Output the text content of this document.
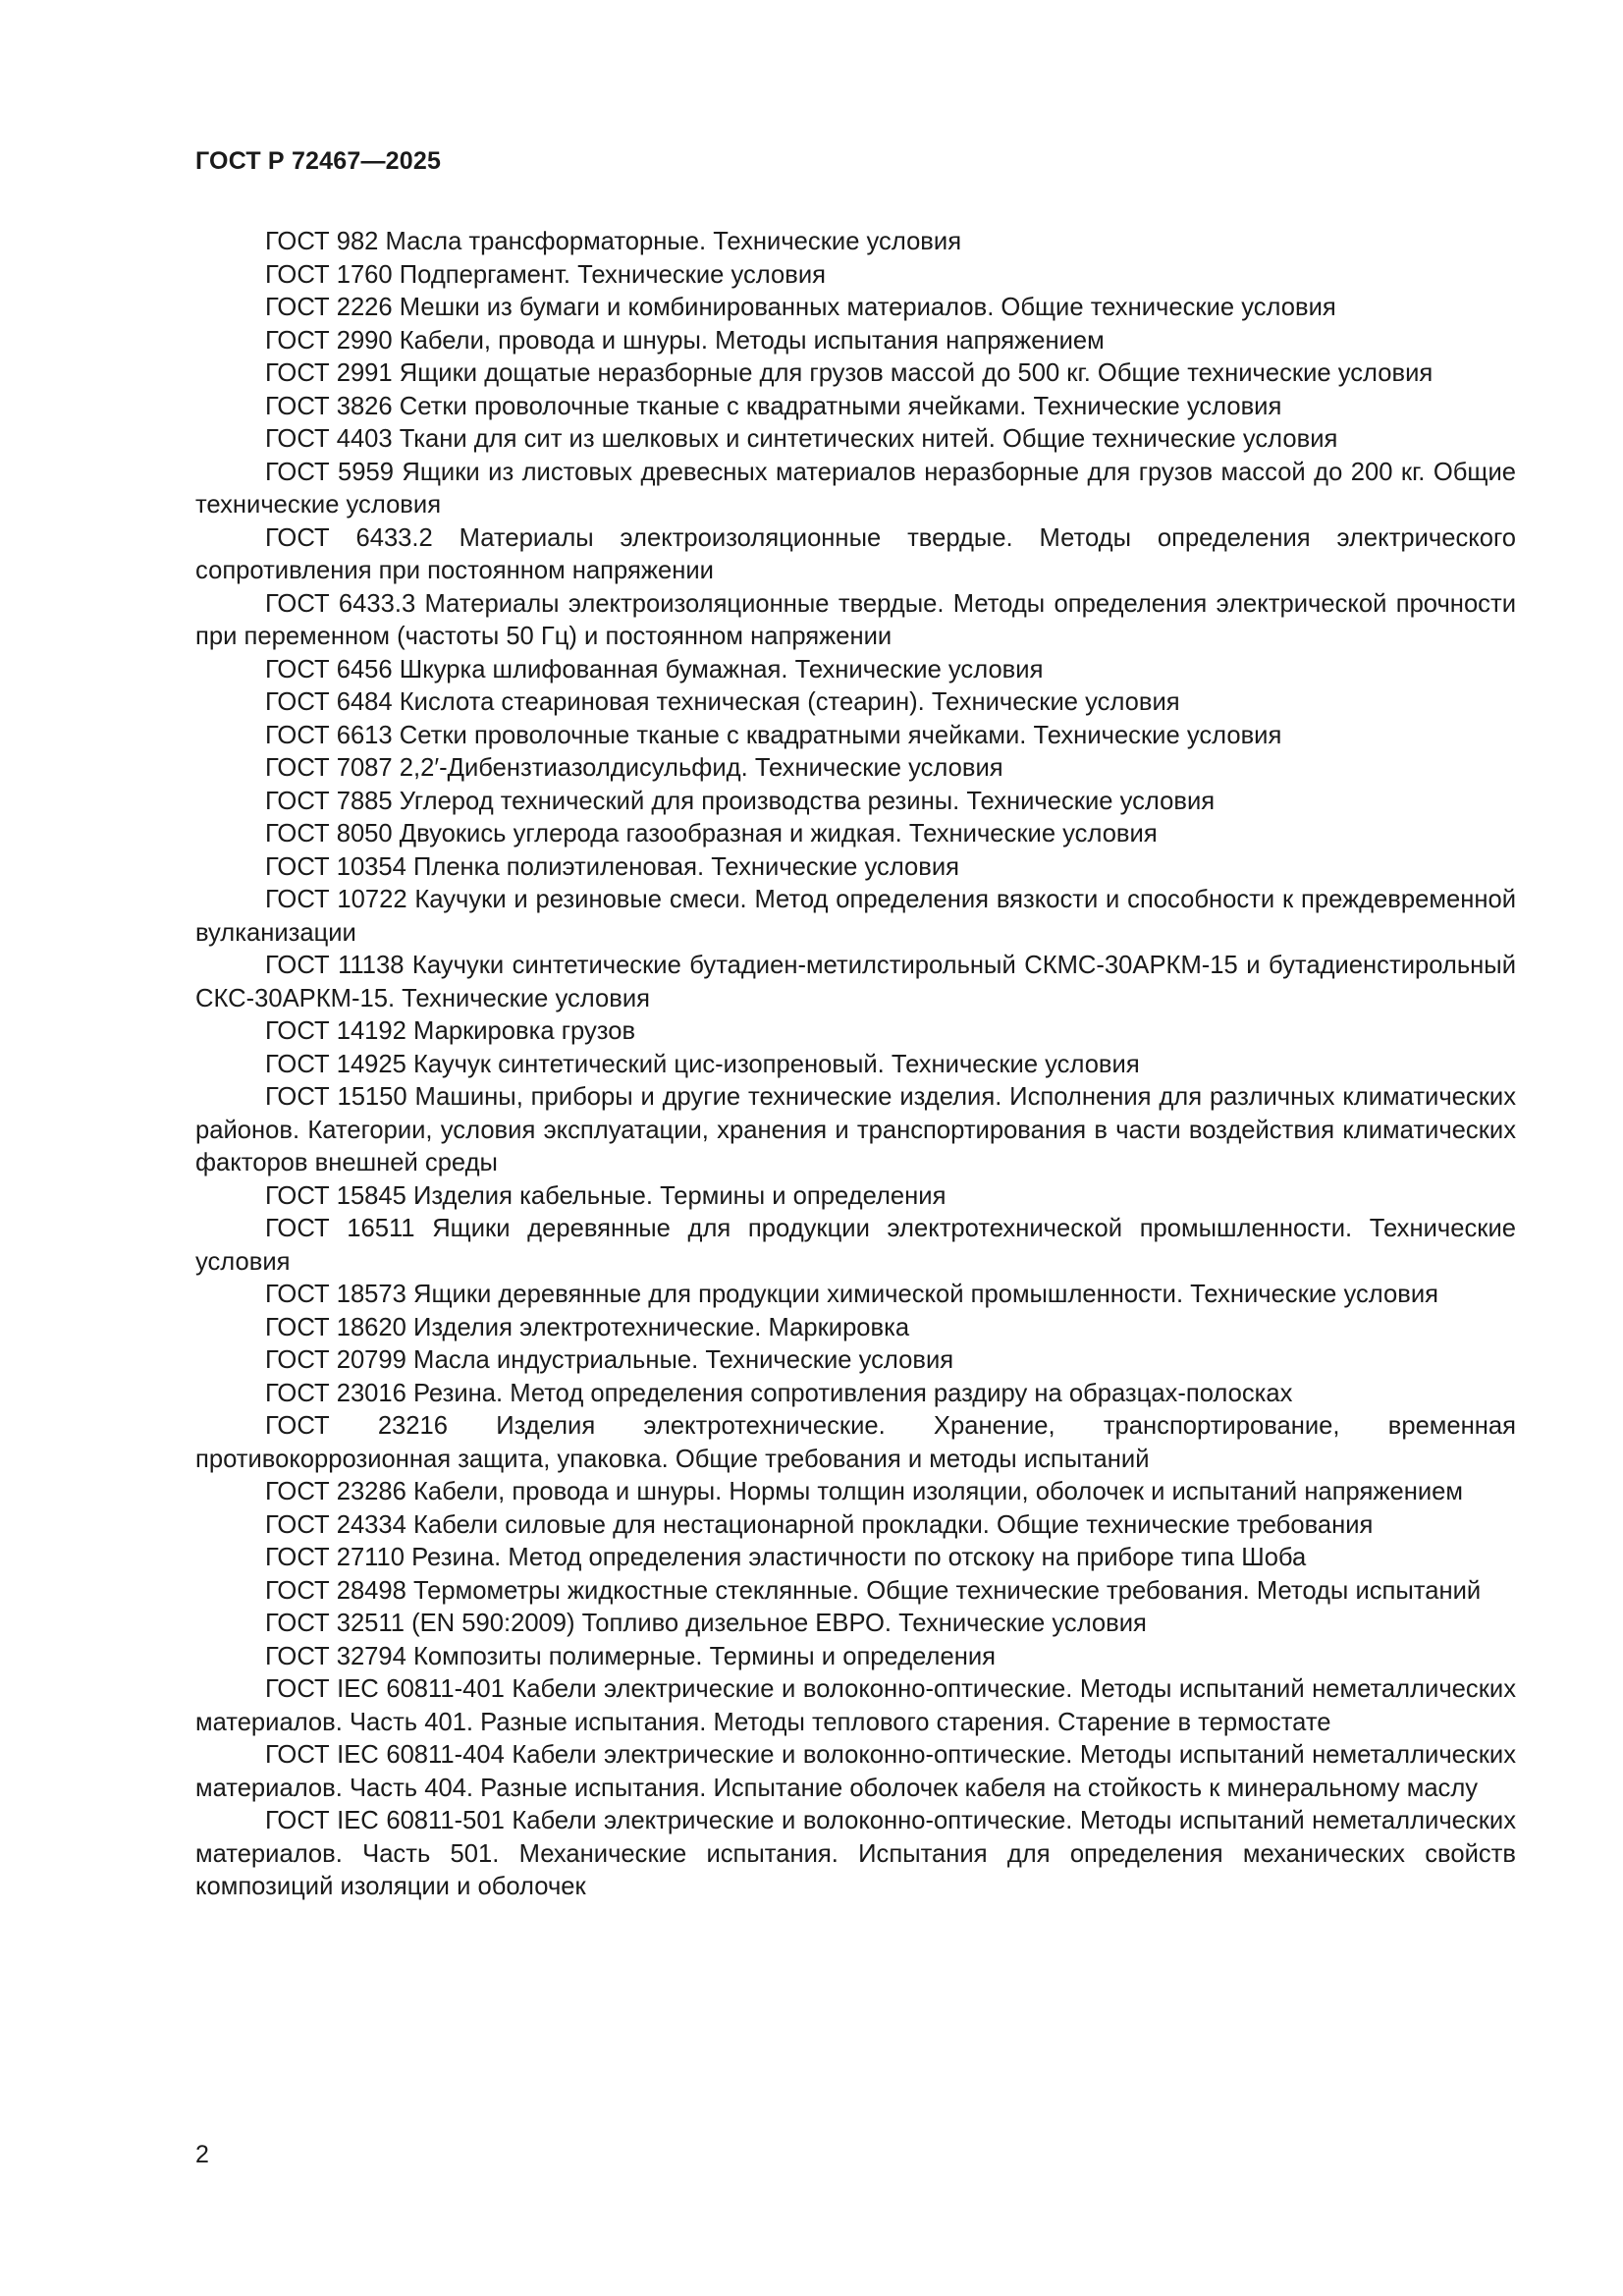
ГОСТ Р 72467—2025

ГОСТ 982 Масла трансформаторные. Технические условия

ГОСТ 1760 Подпергамент. Технические условия

ГОСТ 2226 Мешки из бумаги и комбинированных материалов. Общие технические условия

ГОСТ 2990 Кабели, провода и шнуры. Методы испытания напряжением

ГОСТ 2991 Ящики дощатые неразборные для грузов массой до 500 кг. Общие технические условия

ГОСТ 3826 Сетки проволочные тканые с квадратными ячейками. Технические условия

ГОСТ 4403 Ткани для сит из шелковых и синтетических нитей. Общие технические условия

ГОСТ 5959 Ящики из листовых древесных материалов неразборные для грузов массой до 200 кг. Общие технические условия

ГОСТ 6433.2 Материалы электроизоляционные твердые. Методы определения электрического сопротивления при постоянном напряжении

ГОСТ 6433.3 Материалы электроизоляционные твердые. Методы определения электрической прочности при переменном (частоты 50 Гц) и постоянном напряжении

ГОСТ 6456 Шкурка шлифованная бумажная. Технические условия

ГОСТ 6484 Кислота стеариновая техническая (стеарин). Технические условия

ГОСТ 6613 Сетки проволочные тканые с квадратными ячейками. Технические условия

ГОСТ 7087 2,2′-Дибензтиазолдисульфид. Технические условия

ГОСТ 7885 Углерод технический для производства резины. Технические условия

ГОСТ 8050 Двуокись углерода газообразная и жидкая. Технические условия

ГОСТ 10354 Пленка полиэтиленовая. Технические условия

ГОСТ 10722 Каучуки и резиновые смеси. Метод определения вязкости и способности к преждевременной вулканизации

ГОСТ 11138 Каучуки синтетические бутадиен-метилстирольный СКМС-30АРКМ-15 и бутадиенстирольный СКС-30АРКМ-15. Технические условия

ГОСТ 14192 Маркировка грузов

ГОСТ 14925 Каучук синтетический цис-изопреновый. Технические условия

ГОСТ 15150 Машины, приборы и другие технические изделия. Исполнения для различных климатических районов. Категории, условия эксплуатации, хранения и транспортирования в части воздействия климатических факторов внешней среды

ГОСТ 15845 Изделия кабельные. Термины и определения

ГОСТ 16511 Ящики деревянные для продукции электротехнической промышленности. Технические условия

ГОСТ 18573 Ящики деревянные для продукции химической промышленности. Технические условия

ГОСТ 18620 Изделия электротехнические. Маркировка

ГОСТ 20799 Масла индустриальные. Технические условия

ГОСТ 23016 Резина. Метод определения сопротивления раздиру на образцах-полосках

ГОСТ 23216 Изделия электротехнические. Хранение, транспортирование, временная противокоррозионная защита, упаковка. Общие требования и методы испытаний

ГОСТ 23286 Кабели, провода и шнуры. Нормы толщин изоляции, оболочек и испытаний напряжением

ГОСТ 24334 Кабели силовые для нестационарной прокладки. Общие технические требования

ГОСТ 27110 Резина. Метод определения эластичности по отскоку на приборе типа Шоба

ГОСТ 28498 Термометры жидкостные стеклянные. Общие технические требования. Методы испытаний

ГОСТ 32511 (EN 590:2009) Топливо дизельное ЕВРО. Технические условия

ГОСТ 32794 Композиты полимерные. Термины и определения

ГОСТ IEC 60811-401 Кабели электрические и волоконно-оптические. Методы испытаний неметаллических материалов. Часть 401. Разные испытания. Методы теплового старения. Старение в термостате

ГОСТ IEC 60811-404 Кабели электрические и волоконно-оптические. Методы испытаний неметаллических материалов. Часть 404. Разные испытания. Испытание оболочек кабеля на стойкость к минеральному маслу

ГОСТ IEC 60811-501 Кабели электрические и волоконно-оптические. Методы испытаний неметаллических материалов. Часть 501. Механические испытания. Испытания для определения механических свойств композиций изоляции и оболочек

2
